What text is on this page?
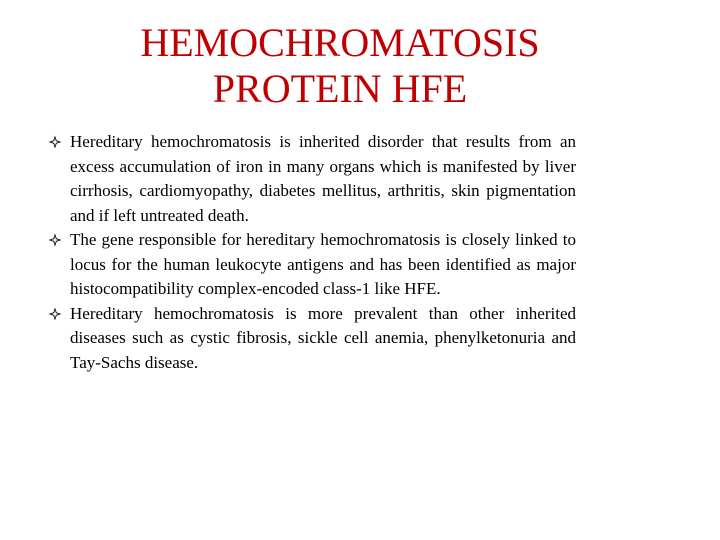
HEMOCHROMATOSIS
PROTEIN HFE
Hereditary hemochromatosis is inherited disorder that results from an excess accumulation of iron in many organs which is manifested by liver cirrhosis, cardiomyopathy, diabetes mellitus, arthritis, skin pigmentation and if left untreated death.
The gene responsible for hereditary hemochromatosis is closely linked to locus for the human leukocyte antigens and has been identified as major histocompatibility complex-encoded class-1 like HFE.
Hereditary hemochromatosis is more prevalent than other inherited diseases such as cystic fibrosis, sickle cell anemia, phenylketonuria and Tay-Sachs disease.
